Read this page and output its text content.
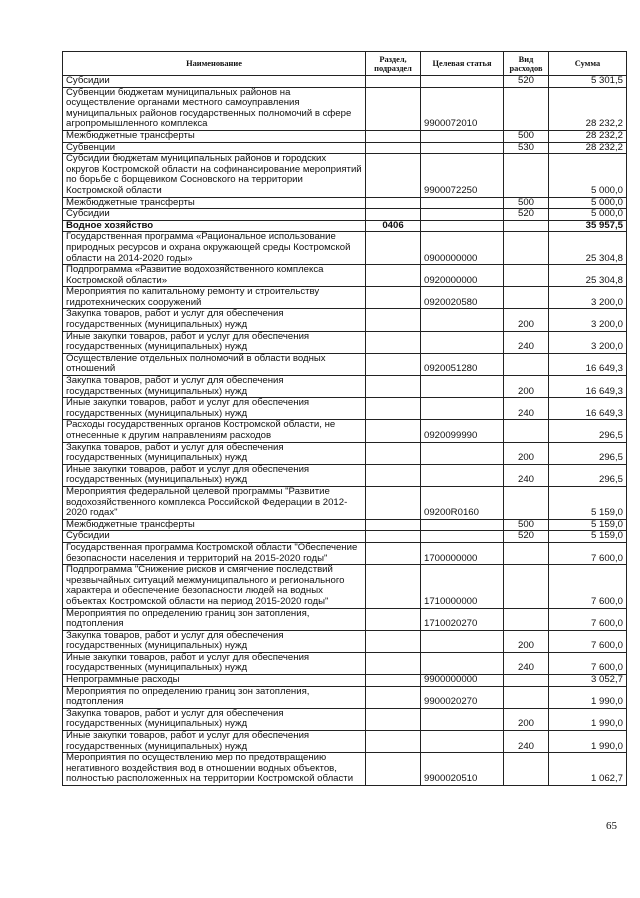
Наименование	Раздел, подраздел	Целевая статья	Вид расходов	Сумма
Субсидии			520	5 301,5
Субвенции бюджетам муниципальных районов на осуществление органами местного самоуправления муниципальных районов государственных полномочий в сфере агропромышленного комплекса		9900072010		28 232,2
Межбюджетные трансферты			500	28 232,2
Субвенции			530	28 232,2
Субсидии бюджетам муниципальных районов и городских округов Костромской области на софинансирование мероприятий по борьбе с борщевиком Сосновского на территории Костромской области		9900072250		5 000,0
Межбюджетные трансферты			500	5 000,0
Субсидии			520	5 000,0
Водное хозяйство	0406			35 957,5
Государственная программа «Рациональное использование природных ресурсов и охрана окружающей среды Костромской области на 2014-2020 годы»		0900000000		25 304,8
Подпрограмма «Развитие водохозяйственного комплекса Костромской области»		0920000000		25 304,8
Мероприятия по капитальному ремонту и строительству гидротехнических сооружений		0920020580		3 200,0
Закупка товаров, работ и услуг для обеспечения государственных (муниципальных) нужд			200	3 200,0
Иные закупки товаров, работ и услуг для обеспечения государственных (муниципальных) нужд			240	3 200,0
Осуществление отдельных полномочий в области водных отношений		0920051280		16 649,3
Закупка товаров, работ и услуг для обеспечения государственных (муниципальных) нужд			200	16 649,3
Иные закупки товаров, работ и услуг для обеспечения государственных (муниципальных) нужд			240	16 649,3
Расходы государственных органов Костромской области, не отнесенные к другим направлениям расходов		0920099990		296,5
Закупка товаров, работ и услуг для обеспечения государственных (муниципальных) нужд			200	296,5
Иные закупки товаров, работ и услуг для обеспечения государственных (муниципальных) нужд			240	296,5
Мероприятия федеральной целевой программы "Развитие водохозяйственного комплекса Российской Федерации в 2012-2020 годах"		09200R0160		5 159,0
Межбюджетные трансферты			500	5 159,0
Субсидии			520	5 159,0
Государственная программа Костромской области "Обеспечение безопасности населения и территорий на 2015-2020 годы"		1700000000		7 600,0
Подпрограмма "Снижение рисков и смягчение последствий чрезвычайных ситуаций межмуниципального и регионального характера и обеспечение безопасности людей на водных объектах Костромской области на период 2015-2020 годы"		1710000000		7 600,0
Мероприятия по определению границ зон затопления, подтопления		1710020270		7 600,0
Закупка товаров, работ и услуг для обеспечения государственных (муниципальных) нужд			200	7 600,0
Иные закупки товаров, работ и услуг для обеспечения государственных (муниципальных) нужд			240	7 600,0
Непрограммные расходы		9900000000		3 052,7
Мероприятия по определению границ зон затопления, подтопления		9900020270		1 990,0
Закупка товаров, работ и услуг для обеспечения государственных (муниципальных) нужд			200	1 990,0
Иные закупки товаров, работ и услуг для обеспечения государственных (муниципальных) нужд			240	1 990,0
Мероприятия по осуществлению мер по предотвращению негативного воздействия вод в отношении водных объектов, полностью расположенных на территории Костромской области		9900020510		1 062,7
65
